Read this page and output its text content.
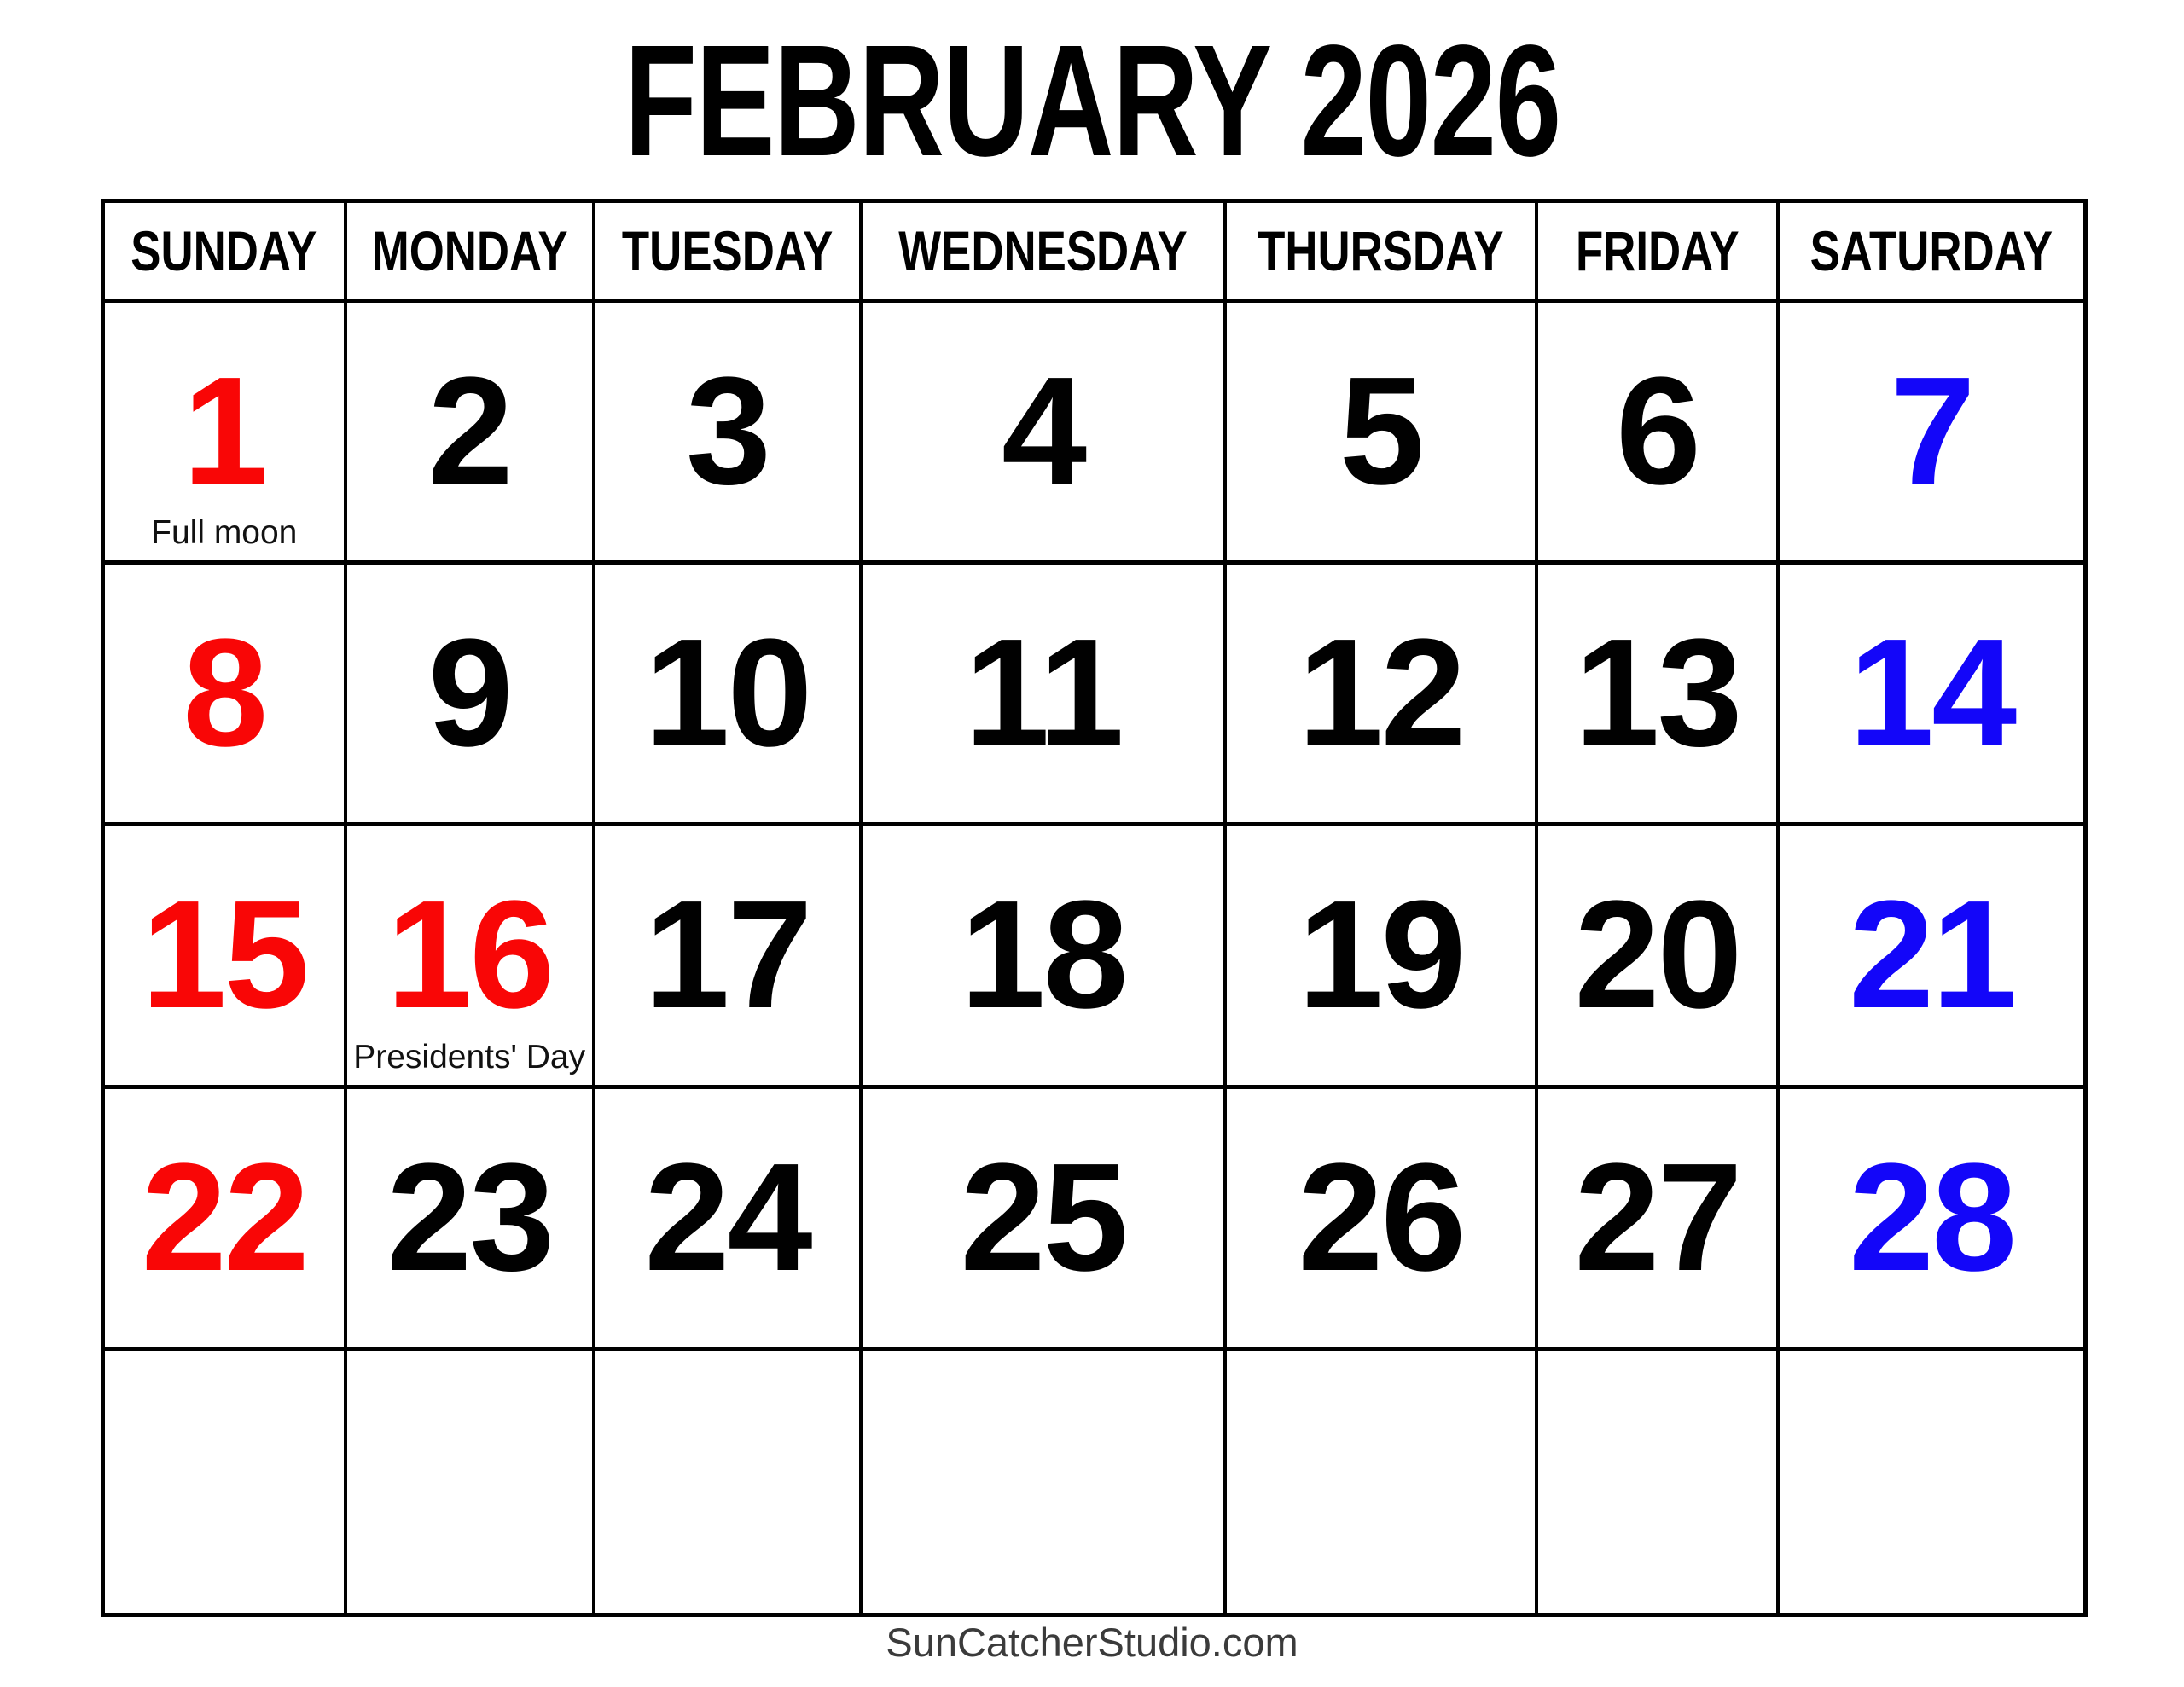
FEBRUARY 2026
SUNDAY MONDAY TUESDAY WEDNESDAY THURSDAY FRIDAY SATURDAY
1
Full moon
2 3 4 5 6 7
8 9 10 11 12 13 14
15 16
Presidents' Day
17 18 19 20 21
22 23 24 25 26 27 28
SunCatcherStudio.com
